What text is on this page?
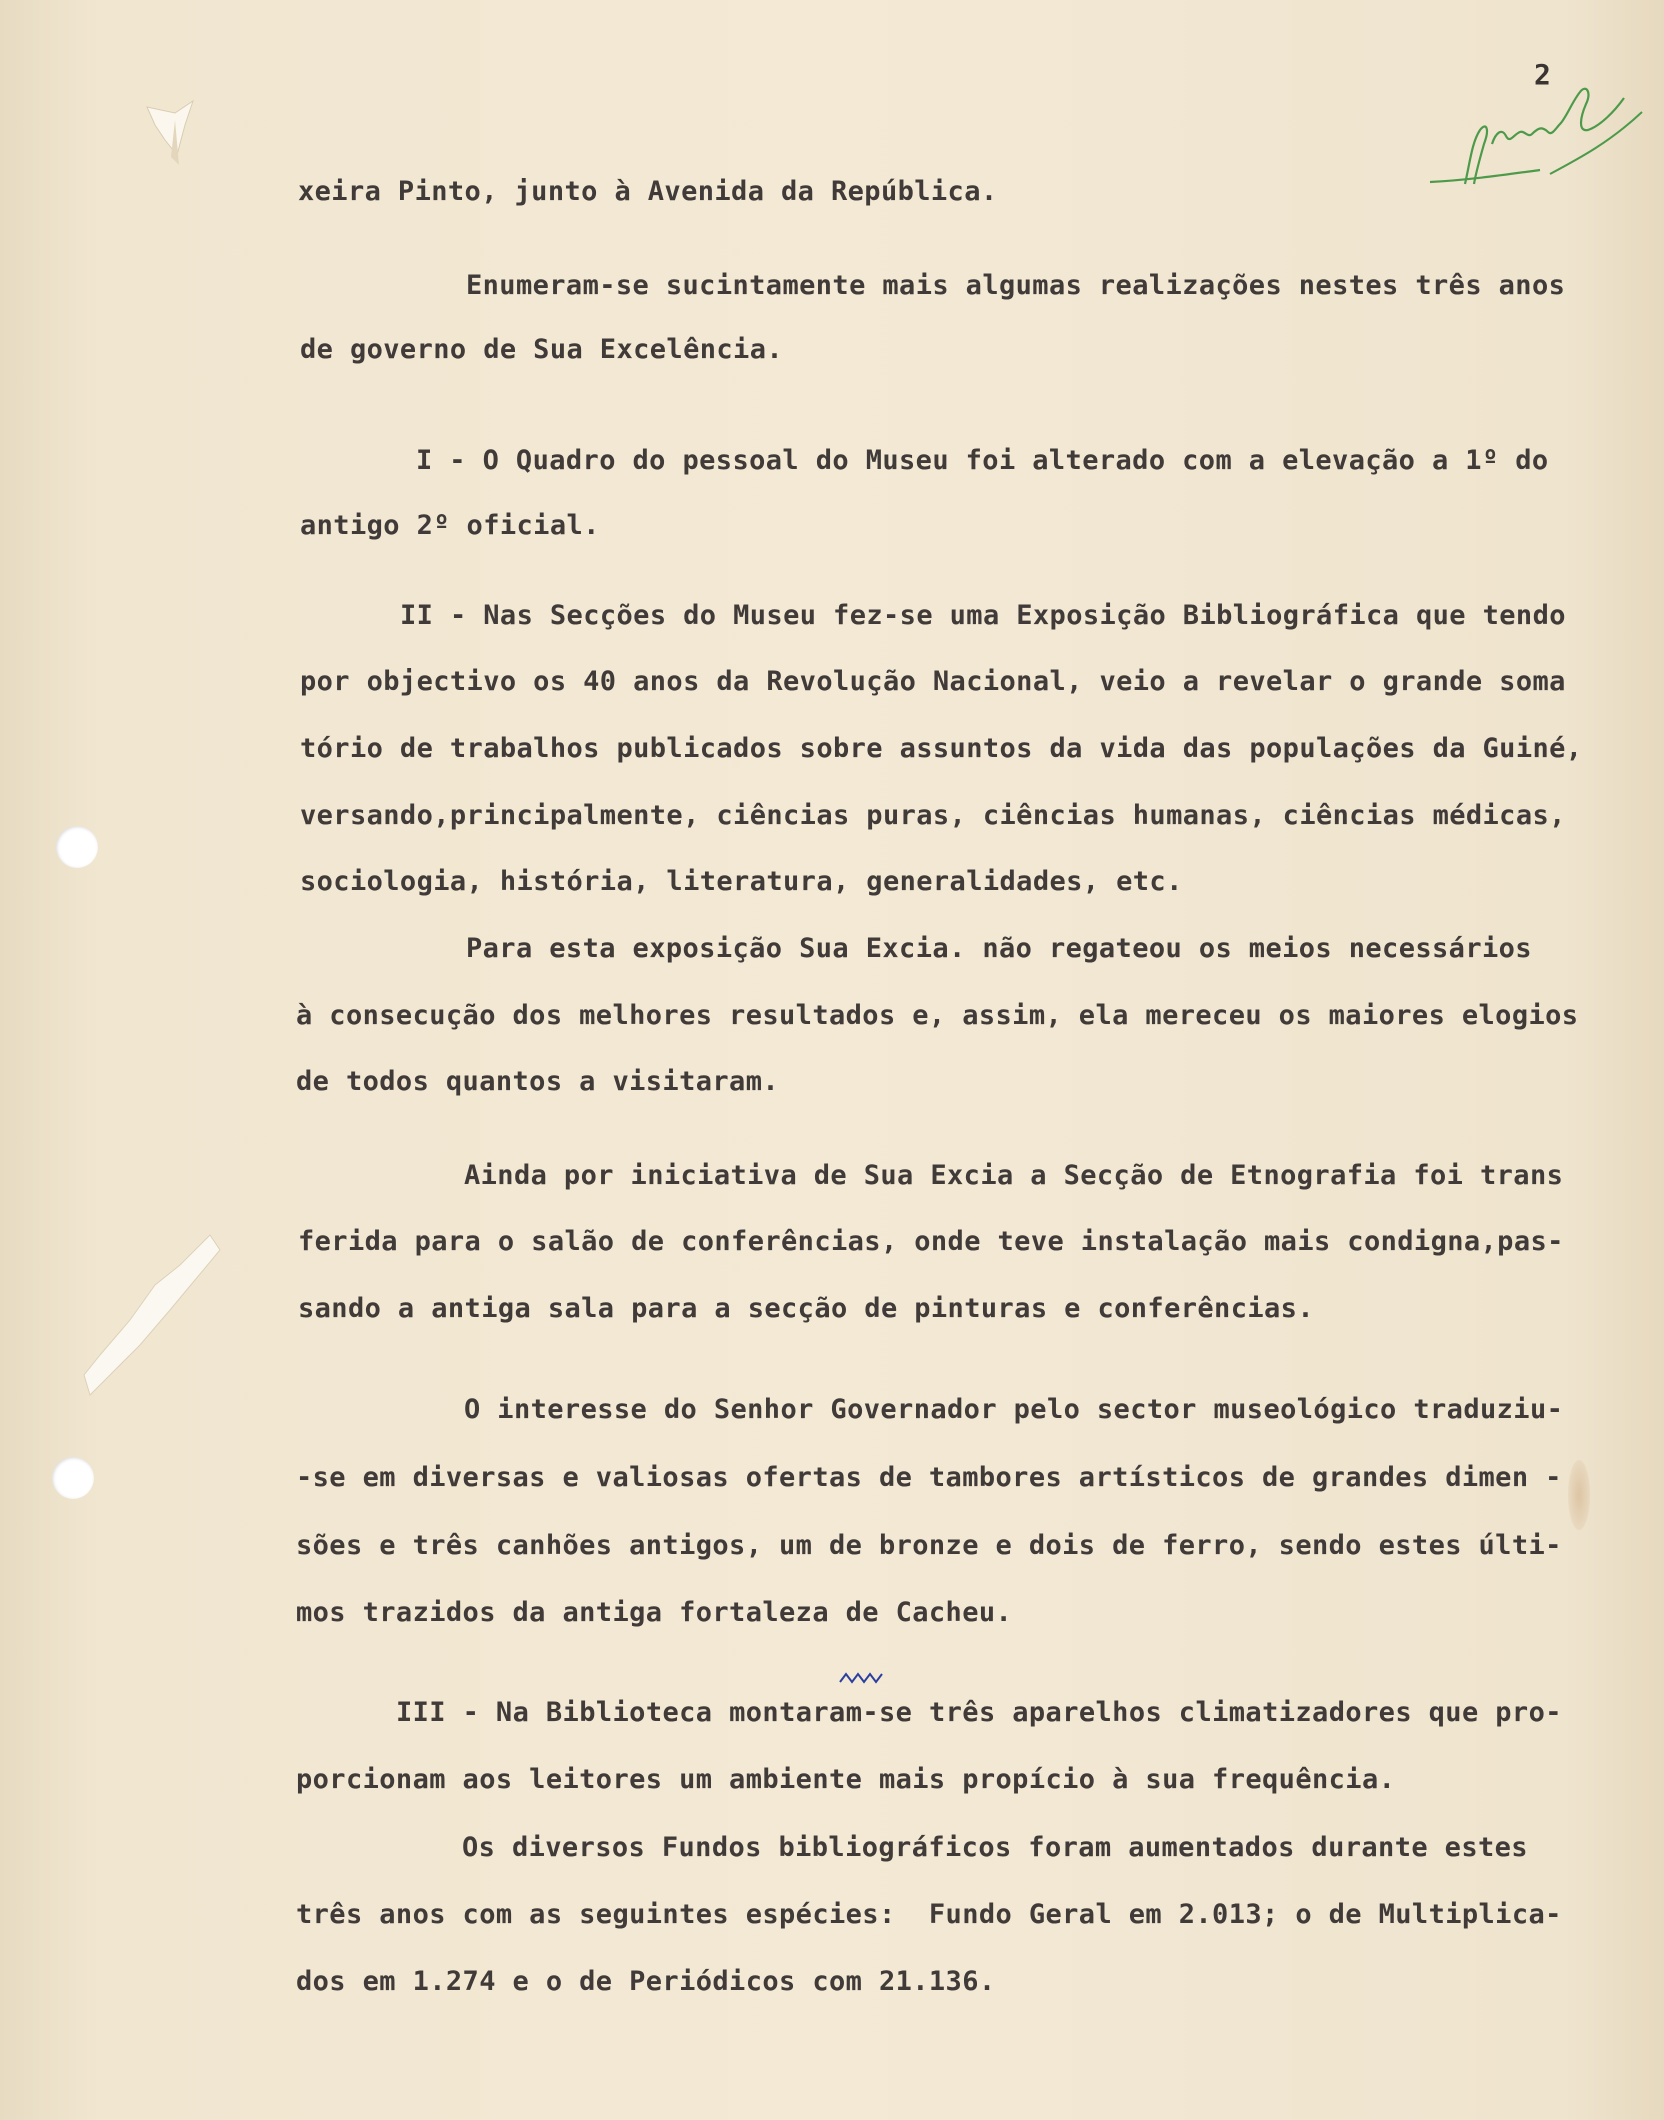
2
xeira Pinto, junto à Avenida da República.
Enumeram-se sucintamente mais algumas realizações nestes três anos
de governo de Sua Excelência.
I - O Quadro do pessoal do Museu foi alterado com a elevação a 1º do
antigo 2º oficial.
II - Nas Secções do Museu fez-se uma Exposição Bibliográfica que tendo
por objectivo os 40 anos da Revolução Nacional, veio a revelar o grande soma
tório de trabalhos publicados sobre assuntos da vida das populações da Guiné,
versando,principalmente, ciências puras, ciências humanas, ciências médicas,
sociologia, história, literatura, generalidades, etc.
Para esta exposição Sua Excia. não regateou os meios necessários
à consecução dos melhores resultados e, assim, ela mereceu os maiores elogios
de todos quantos a visitaram.
Ainda por iniciativa de Sua Excia a Secção de Etnografia foi trans
ferida para o salão de conferências, onde teve instalação mais condigna,pas-
sando a antiga sala para a secção de pinturas e conferências.
O interesse do Senhor Governador pelo sector museológico traduziu-
-se em diversas e valiosas ofertas de tambores artísticos de grandes dimen -
sões e três canhões antigos, um de bronze e dois de ferro, sendo estes últi-
mos trazidos da antiga fortaleza de Cacheu.
III - Na Biblioteca montaram-se três aparelhos climatizadores que pro-
porcionam aos leitores um ambiente mais propício à sua frequência.
Os diversos Fundos bibliográficos foram aumentados durante estes
três anos com as seguintes espécies:  Fundo Geral em 2.013; o de Multiplica-
dos em 1.274 e o de Periódicos com 21.136.
